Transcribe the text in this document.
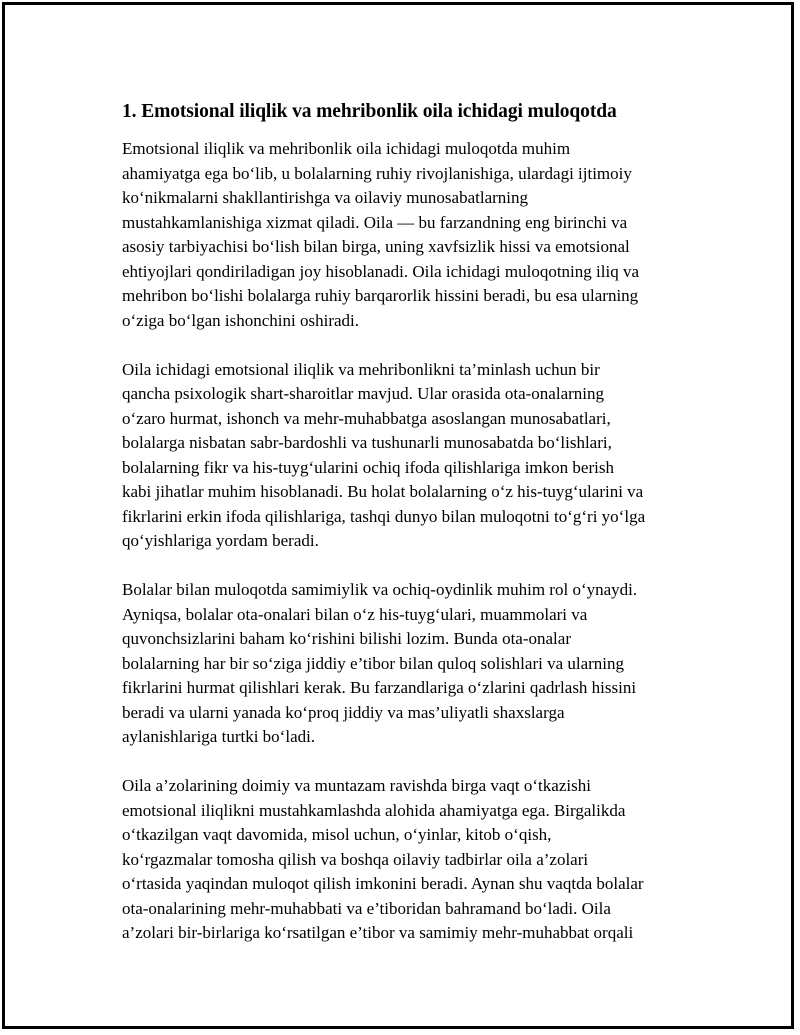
1. Emotsional iliqlik va mehribonlik oila ichidagi muloqotda

Emotsional iliqlik va mehribonlik oila ichidagi muloqotda muhim
ahamiyatga ega bo‘lib, u bolalarning ruhiy rivojlanishiga, ulardagi ijtimoiy
ko‘nikmalarni shakllantirishga va oilaviy munosabatlarning
mustahkamlanishiga xizmat qiladi. Oila — bu farzandning eng birinchi va
asosiy tarbiyachisi bo‘lish bilan birga, uning xavfsizlik hissi va emotsional
ehtiyojlari qondiriladigan joy hisoblanadi. Oila ichidagi muloqotning iliq va
mehribon bo‘lishi bolalarga ruhiy barqarorlik hissini beradi, bu esa ularning
o‘ziga bo‘lgan ishonchini oshiradi.

Oila ichidagi emotsional iliqlik va mehribonlikni ta’minlash uchun bir
qancha psixologik shart-sharoitlar mavjud. Ular orasida ota-onalarning
o‘zaro hurmat, ishonch va mehr-muhabbatga asoslangan munosabatlari,
bolalarga nisbatan sabr-bardoshli va tushunarli munosabatda bo‘lishlari,
bolalarning fikr va his-tuyg‘ularini ochiq ifoda qilishlariga imkon berish
kabi jihatlar muhim hisoblanadi. Bu holat bolalarning o‘z his-tuyg‘ularini va
fikrlarini erkin ifoda qilishlariga, tashqi dunyo bilan muloqotni to‘g‘ri yo‘lga
qo‘yishlariga yordam beradi.

Bolalar bilan muloqotda samimiylik va ochiq-oydinlik muhim rol o‘ynaydi.
Ayniqsa, bolalar ota-onalari bilan o‘z his-tuyg‘ulari, muammolari va
quvonchsizlarini baham ko‘rishini bilishi lozim. Bunda ota-onalar
bolalarning har bir so‘ziga jiddiy e’tibor bilan quloq solishlari va ularning
fikrlarini hurmat qilishlari kerak. Bu farzandlariga o‘zlarini qadrlash hissini
beradi va ularni yanada ko‘proq jiddiy va mas’uliyatli shaxslarga
aylanishlariga turtki bo‘ladi.

Oila a’zolarining doimiy va muntazam ravishda birga vaqt o‘tkazishi
emotsional iliqlikni mustahkamlashda alohida ahamiyatga ega. Birgalikda
o‘tkazilgan vaqt davomida, misol uchun, o‘yinlar, kitob o‘qish,
ko‘rgazmalar tomosha qilish va boshqa oilaviy tadbirlar oila a’zolari
o‘rtasida yaqindan muloqot qilish imkonini beradi. Aynan shu vaqtda bolalar
ota-onalarining mehr-muhabbati va e’tiboridan bahramand bo‘ladi. Oila
a’zolari bir-birlariga ko‘rsatilgan e’tibor va samimiy mehr-muhabbat orqali
